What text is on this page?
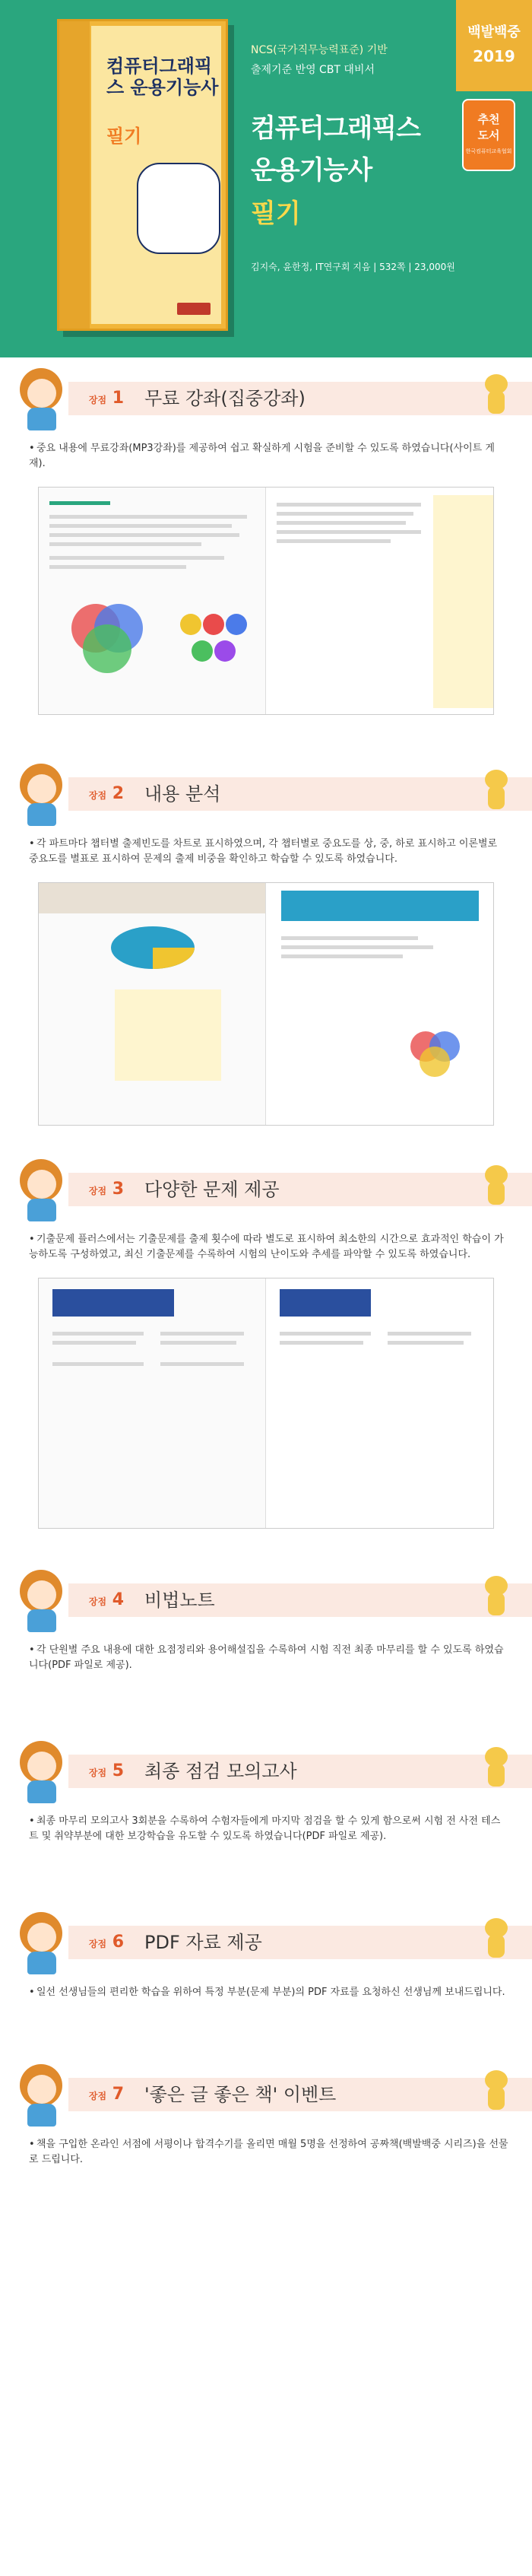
컴퓨터그래픽스 운용기능사
필기
NCS(국가직무능력표준) 기반
출제기준 반영 CBT 대비서
컴퓨터그래픽스
운용기능사
필기
김지숙, 윤한정, IT연구회 지음 | 532쪽 | 23,000원
백발백중
2019
추천
도서
한국컴퓨터교육협회
장점 1	무료 강좌(집중강좌)
• 중요 내용에 무료강좌(MP3강좌)를 제공하여 쉽고 확실하게 시험을 준비할 수 있도록 하였습니다(사이트 게재).
장점 2	내용 분석
• 각 파트마다 챕터별 출제빈도를 차트로 표시하였으며, 각 챕터별로 중요도를 상, 중, 하로 표시하고 이론별로 중요도를 별표로 표시하여 문제의 출제 비중을 확인하고 학습할 수 있도록 하였습니다.
장점 3	다양한 문제 제공
• 기출문제 플러스에서는 기출문제를 출제 횟수에 따라 별도로 표시하여 최소한의 시간으로 효과적인 학습이 가능하도록 구성하였고, 최신 기출문제를 수록하여 시험의 난이도와 추세를 파악할 수 있도록 하였습니다.
장점 4	비법노트
• 각 단원별 주요 내용에 대한 요점정리와 용어해설집을 수록하여 시험 직전 최종 마무리를 할 수 있도록 하였습니다(PDF 파일로 제공).
장점 5	최종 점검 모의고사
• 최종 마무리 모의고사 3회분을 수록하여 수험자들에게 마지막 점검을 할 수 있게 함으로써 시험 전 사전 테스트 및 취약부분에 대한 보강학습을 유도할 수 있도록 하였습니다(PDF 파일로 제공).
장점 6	PDF 자료 제공
• 일선 선생님들의 편리한 학습을 위하여 특정 부분(문제 부분)의 PDF 자료를 요청하신 선생님께 보내드립니다.
장점 7	'좋은 글 좋은 책' 이벤트
• 책을 구입한 온라인 서점에 서평이나 합격수기를 올리면 매월 5명을 선정하여 공짜책(백발백중 시리즈)을 선물로 드립니다.
